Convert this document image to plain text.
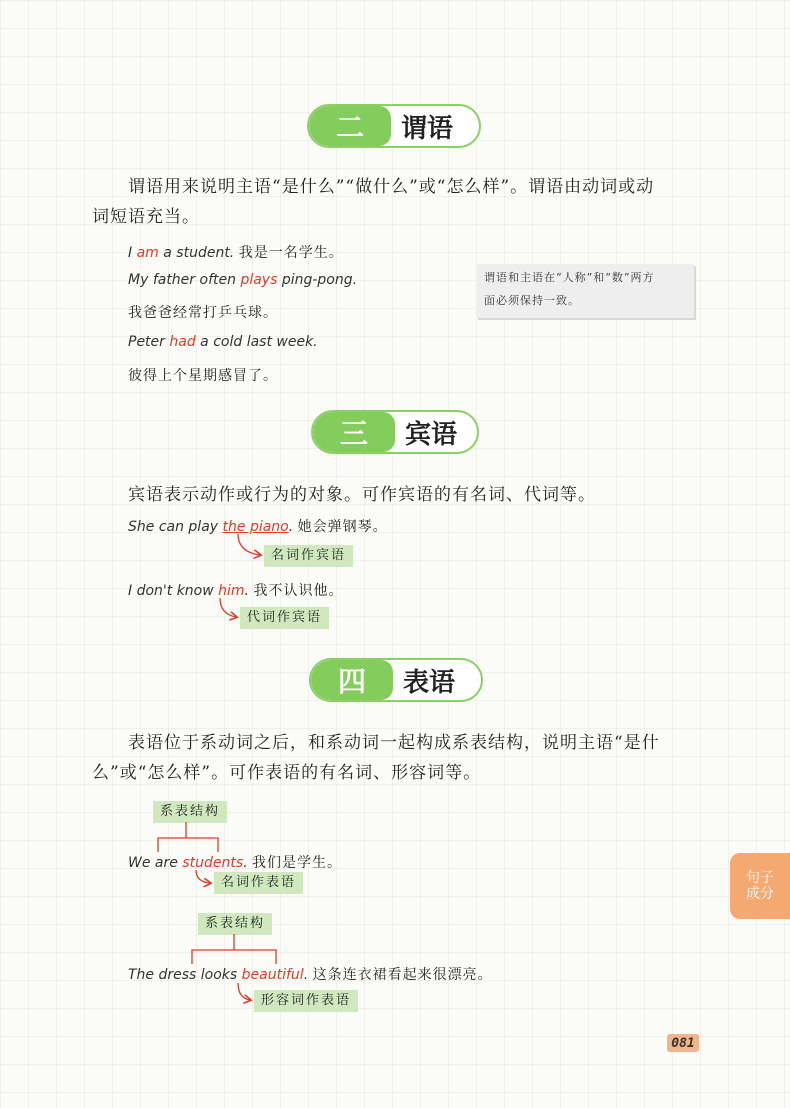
二	谓语
谓语用来说明主语“是什么”“做什么”或“怎么样”。谓语由动词或动
词短语充当。
I am a student. 我是一名学生。
My father often plays ping-pong.
我爸爸经常打乒乓球。
Peter had a cold last week.
彼得上个星期感冒了。
谓语和主语在“人称”和“数”两方
面必须保持一致。
三	宾语
宾语表示动作或行为的对象。可作宾语的有名词、代词等。
She can play the piano. 她会弹钢琴。
名词作宾语
I don't know him. 我不认识他。
代词作宾语
四	表语
表语位于系动词之后，和系动词一起构成系表结构，说明主语“是什
么”或“怎么样”。可作表语的有名词、形容词等。
系表结构
We are students. 我们是学生。
名词作表语
系表结构
The dress looks beautiful. 这条连衣裙看起来很漂亮。
形容词作表语
句子成分
081
